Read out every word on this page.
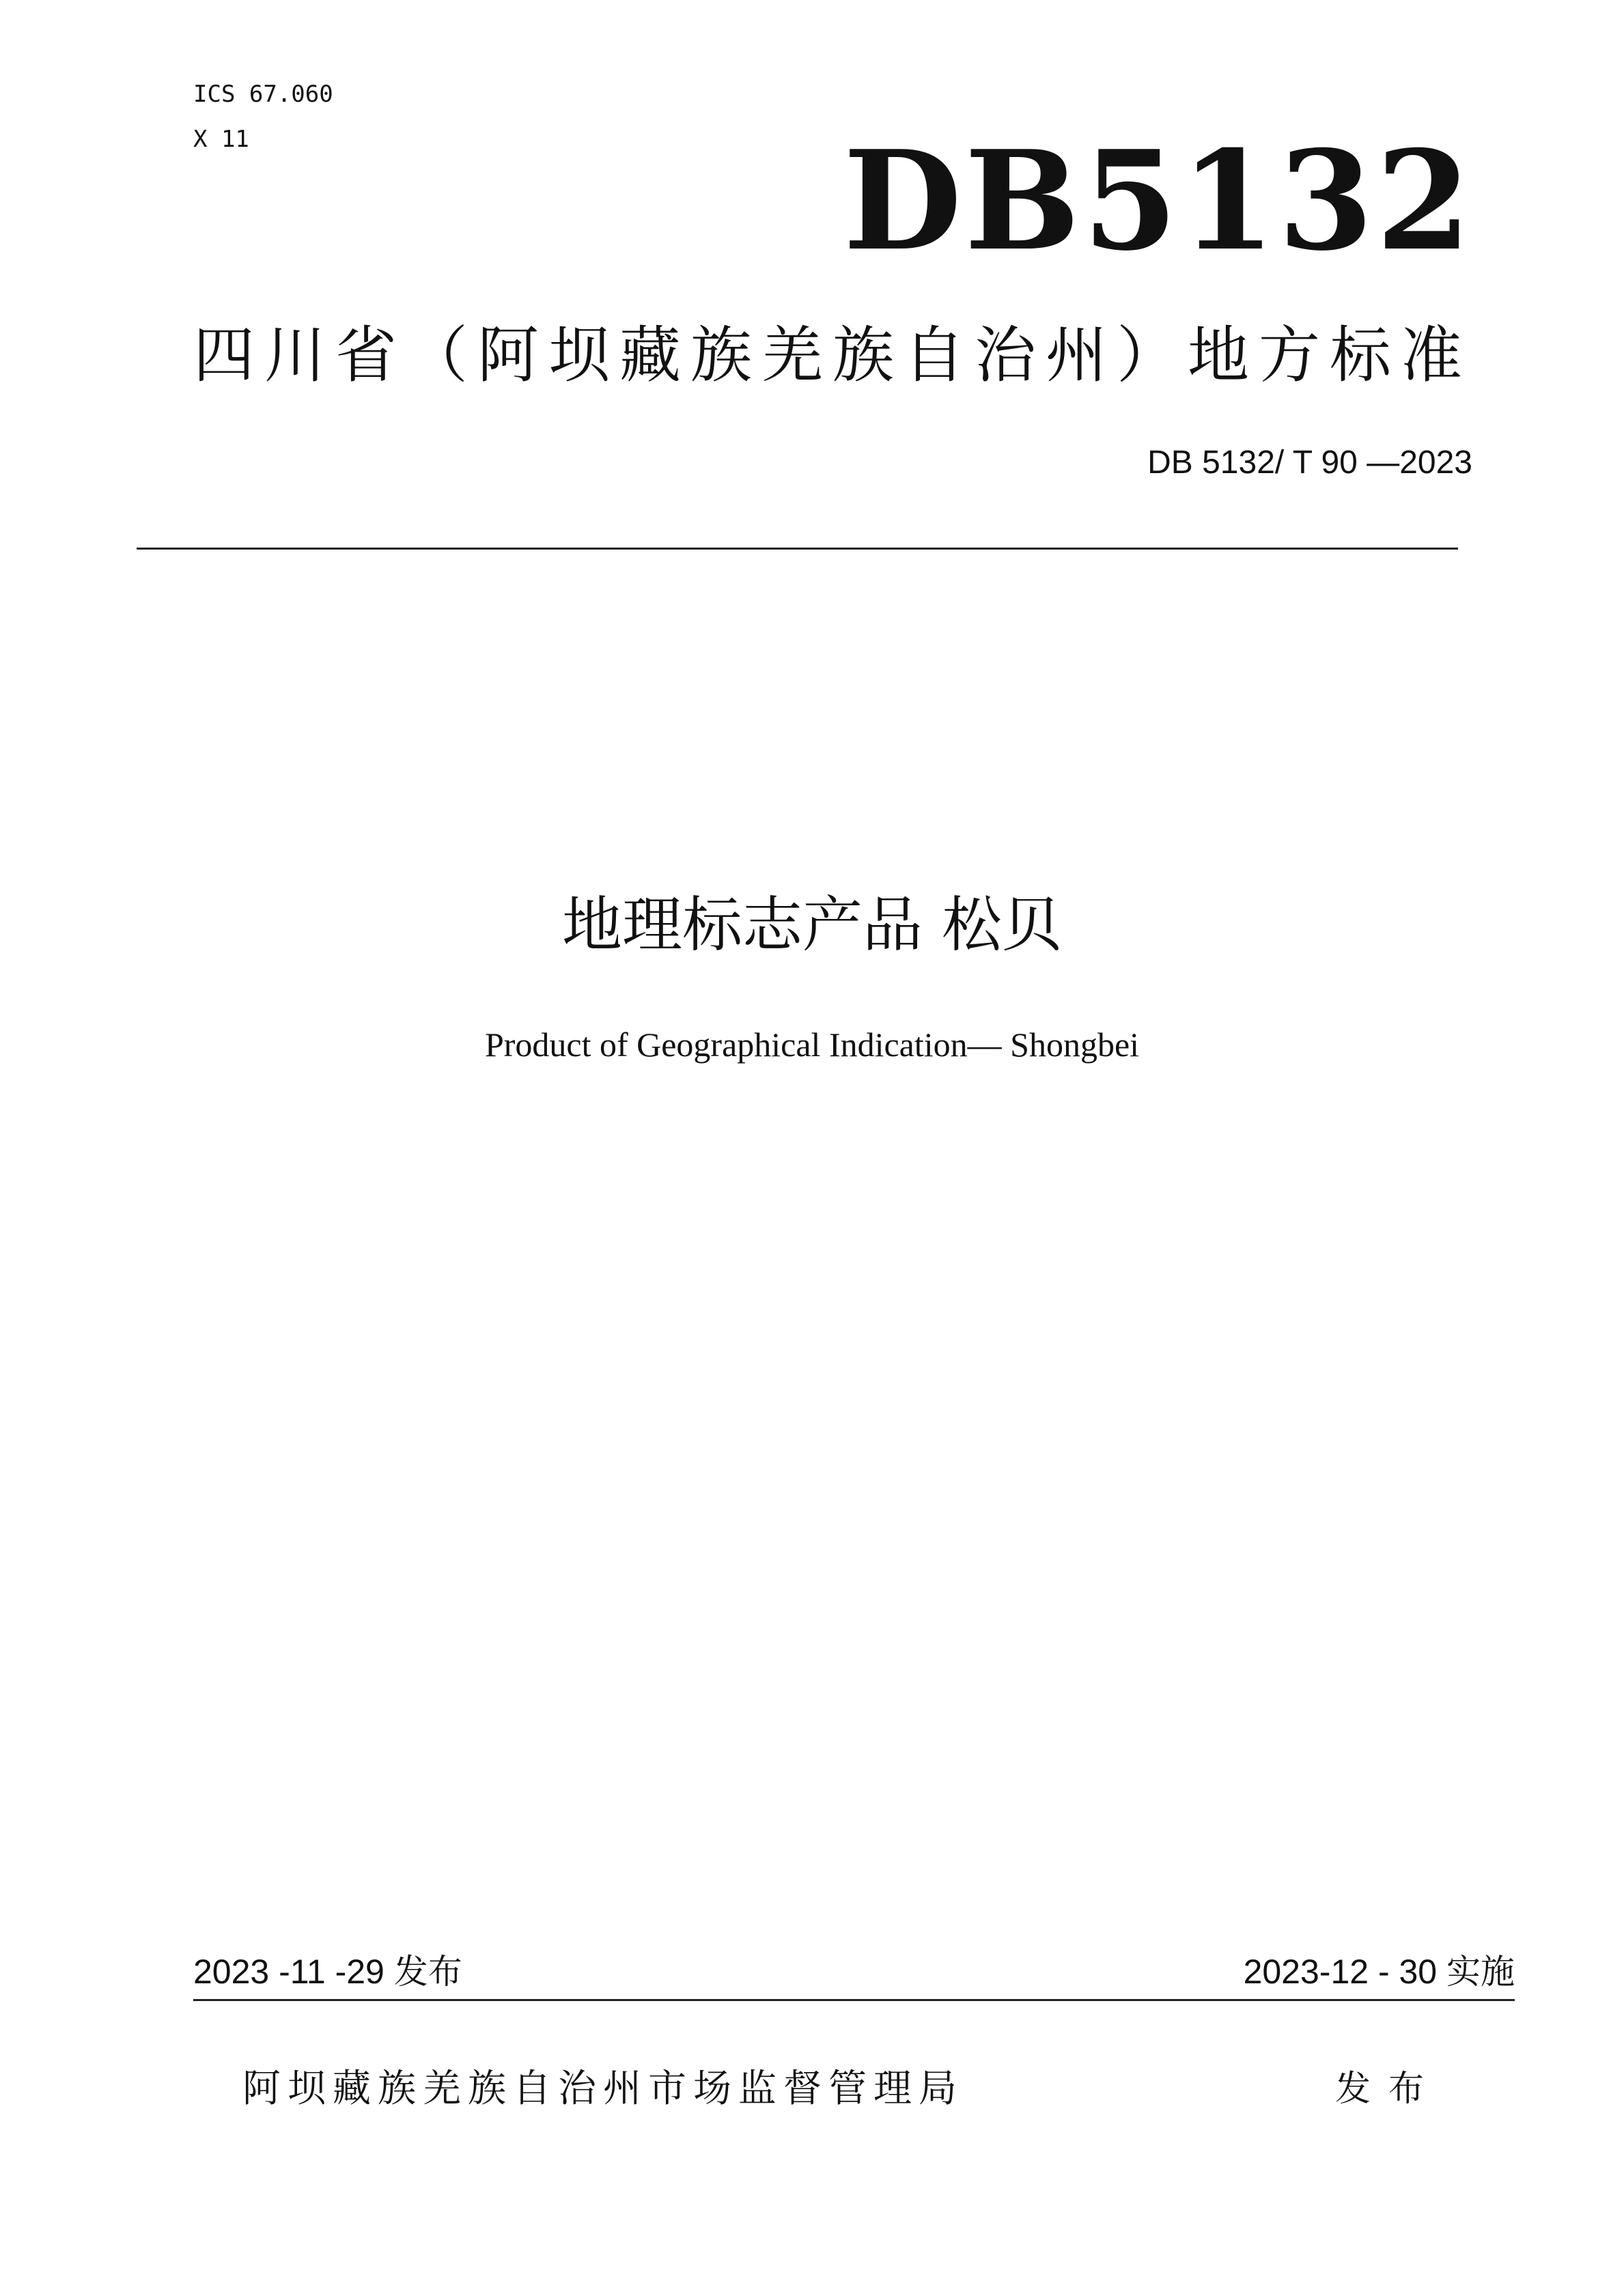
ICS 67.060
X 11	DB5132
四川省（阿坝藏族羌族自治州）地方标准
DB 5132/ T 90 —2023
地理标志产品 松贝
Product of Geographical Indication— Shongbei
2023 -11 -29 发布	2023-12 - 30 实施
阿坝藏族羌族自治州市场监督管理局	发布
